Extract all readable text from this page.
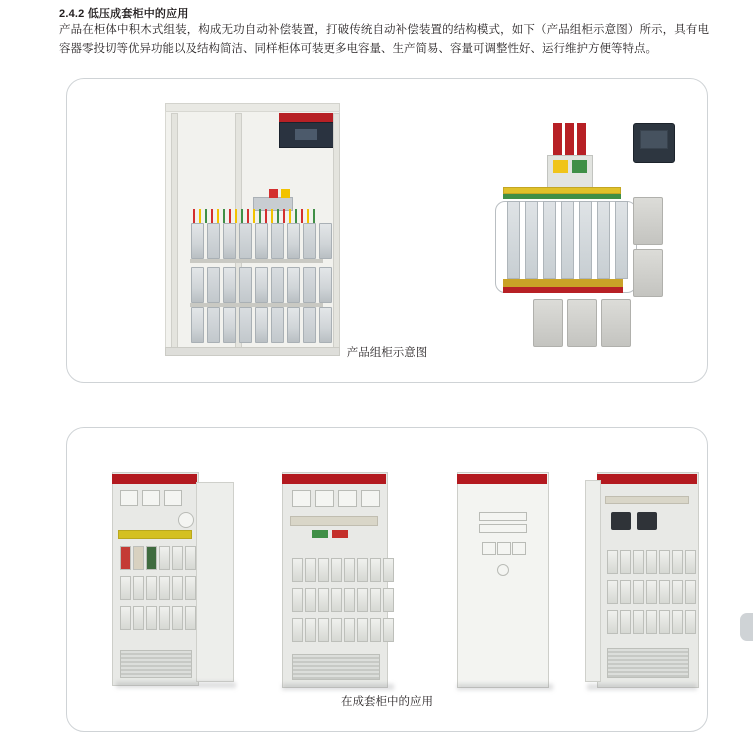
2.4.2 低压成套柜中的应用
产品在柜体中积木式组装，构成无功自动补偿装置，打破传统自动补偿装置的结构模式，如下（产品组柜示意图）所示，具有电容器零投切等优异功能以及结构简洁、同样柜体可装更多电容量、生产简易、容量可调整性好、运行维护方便等特点。
产品组柜示意图
在成套柜中的应用
